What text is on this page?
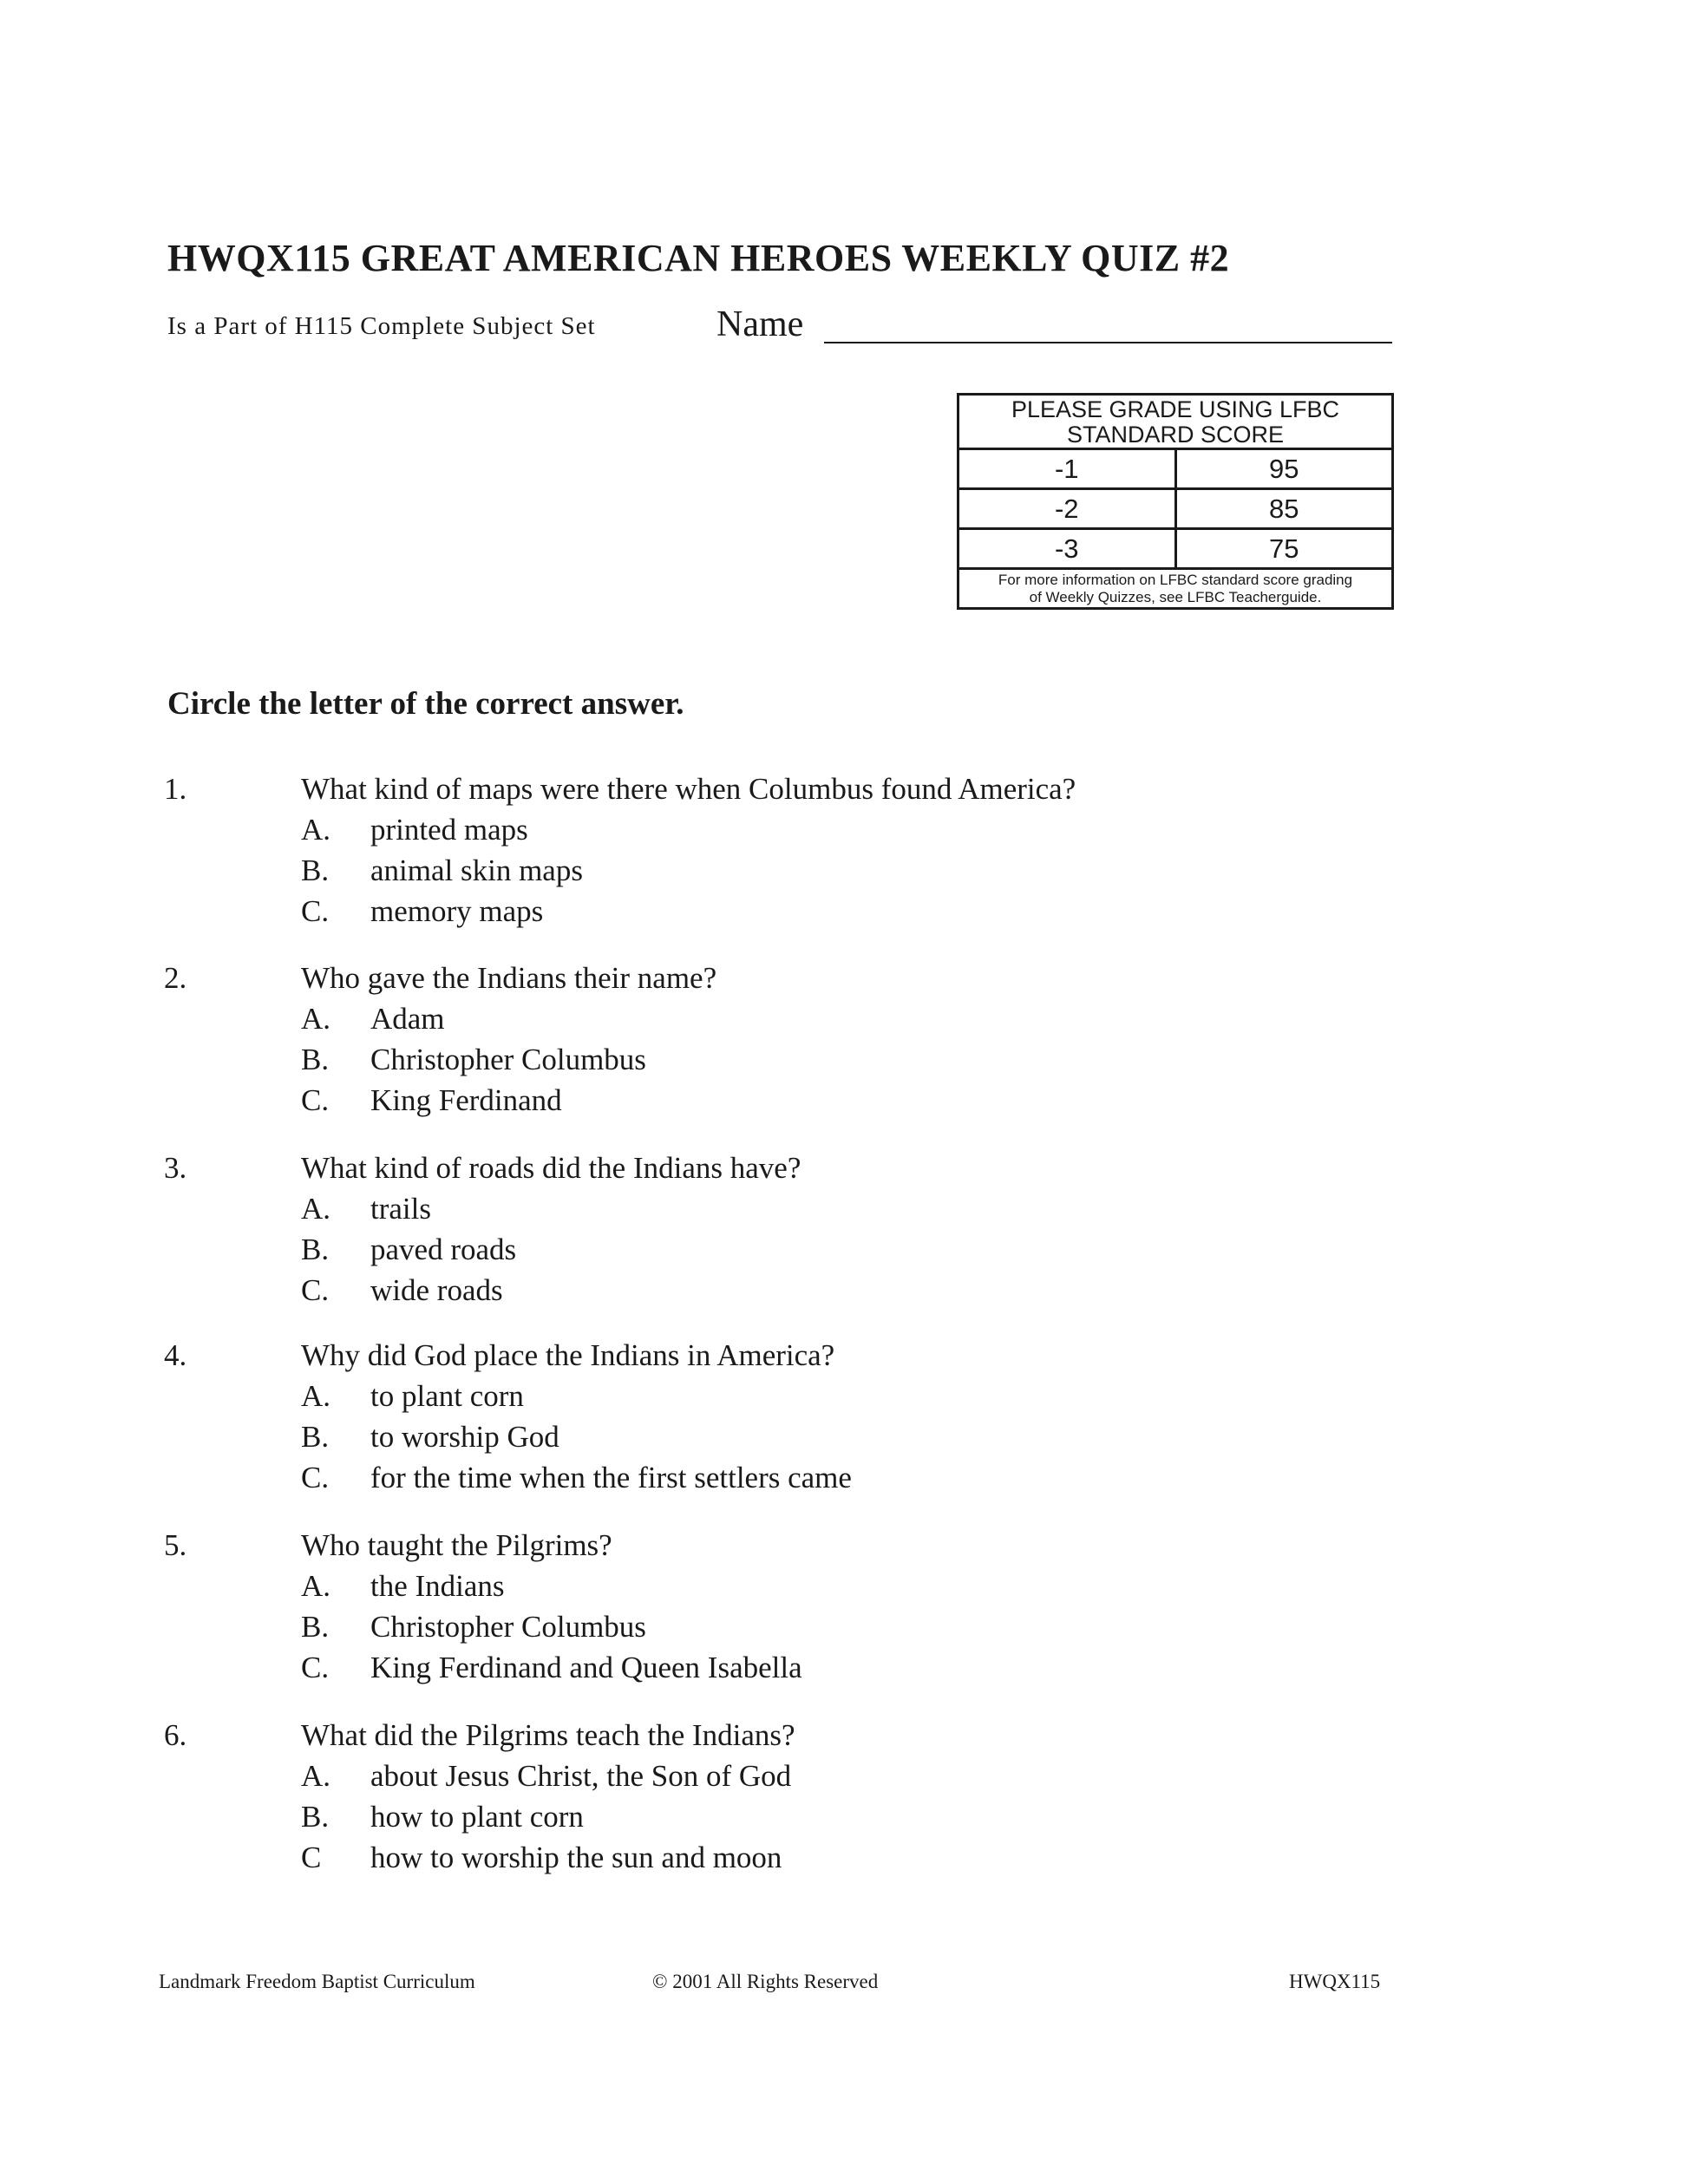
HWQX115 GREAT AMERICAN HEROES WEEKLY QUIZ #2
Is a Part of H115 Complete Subject Set	Name
PLEASE GRADE USING LFBC
STANDARD SCORE
-1	95
-2	85
-3	75
For more information on LFBC standard score grading
of Weekly Quizzes, see LFBC Teacherguide.
Circle the letter of the correct answer.
1.	What kind of maps were there when Columbus found America?
A. printed maps
B. animal skin maps
C. memory maps
2.	Who gave the Indians their name?
A. Adam
B. Christopher Columbus
C. King Ferdinand
3.	What kind of roads did the Indians have?
A. trails
B. paved roads
C. wide roads
4.	Why did God place the Indians in America?
A. to plant corn
B. to worship God
C. for the time when the first settlers came
5.	Who taught the Pilgrims?
A. the Indians
B. Christopher Columbus
C. King Ferdinand and Queen Isabella
6.	What did the Pilgrims teach the Indians?
A. about Jesus Christ, the Son of God
B. how to plant corn
C how to worship the sun and moon
Landmark Freedom Baptist Curriculum	© 2001 All Rights Reserved	HWQX115
